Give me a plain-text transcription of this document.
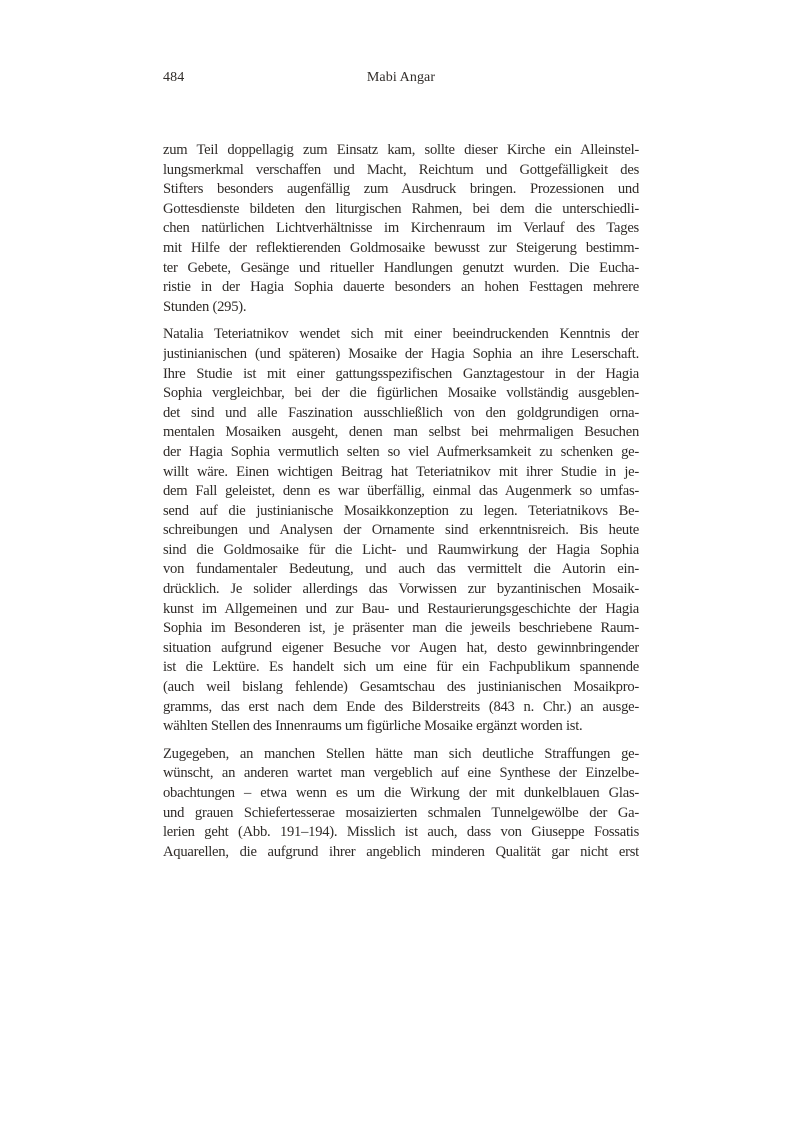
484	Mabi Angar

zum Teil doppellagig zum Einsatz kam, sollte dieser Kirche ein Alleinstel-
lungsmerkmal verschaffen und Macht, Reichtum und Gottgefälligkeit des
Stifters besonders augenfällig zum Ausdruck bringen. Prozessionen und
Gottesdienste bildeten den liturgischen Rahmen, bei dem die unterschiedli-
chen natürlichen Lichtverhältnisse im Kirchenraum im Verlauf des Tages
mit Hilfe der reflektierenden Goldmosaike bewusst zur Steigerung bestimm-
ter Gebete, Gesänge und ritueller Handlungen genutzt wurden. Die Eucha-
ristie in der Hagia Sophia dauerte besonders an hohen Festtagen mehrere
Stunden (295).

Natalia Teteriatnikov wendet sich mit einer beeindruckenden Kenntnis der
justinianischen (und späteren) Mosaike der Hagia Sophia an ihre Leserschaft.
Ihre Studie ist mit einer gattungsspezifischen Ganztagestour in der Hagia
Sophia vergleichbar, bei der die figürlichen Mosaike vollständig ausgeblen-
det sind und alle Faszination ausschließlich von den goldgrundigen orna-
mentalen Mosaiken ausgeht, denen man selbst bei mehrmaligen Besuchen
der Hagia Sophia vermutlich selten so viel Aufmerksamkeit zu schenken ge-
willt wäre. Einen wichtigen Beitrag hat Teteriatnikov mit ihrer Studie in je-
dem Fall geleistet, denn es war überfällig, einmal das Augenmerk so umfas-
send auf die justinianische Mosaikkonzeption zu legen. Teteriatnikovs Be-
schreibungen und Analysen der Ornamente sind erkenntnisreich. Bis heute
sind die Goldmosaike für die Licht- und Raumwirkung der Hagia Sophia
von fundamentaler Bedeutung, und auch das vermittelt die Autorin ein-
drücklich. Je solider allerdings das Vorwissen zur byzantinischen Mosaik-
kunst im Allgemeinen und zur Bau- und Restaurierungsgeschichte der Hagia
Sophia im Besonderen ist, je präsenter man die jeweils beschriebene Raum-
situation aufgrund eigener Besuche vor Augen hat, desto gewinnbringender
ist die Lektüre. Es handelt sich um eine für ein Fachpublikum spannende
(auch weil bislang fehlende) Gesamtschau des justinianischen Mosaikpro-
gramms, das erst nach dem Ende des Bilderstreits (843 n. Chr.) an ausge-
wählten Stellen des Innenraums um figürliche Mosaike ergänzt worden ist.

Zugegeben, an manchen Stellen hätte man sich deutliche Straffungen ge-
wünscht, an anderen wartet man vergeblich auf eine Synthese der Einzelbe-
obachtungen – etwa wenn es um die Wirkung der mit dunkelblauen Glas-
und grauen Schiefertesserae mosaizierten schmalen Tunnelgewölbe der Ga-
lerien geht (Abb. 191–194). Misslich ist auch, dass von Giuseppe Fossatis
Aquarellen, die aufgrund ihrer angeblich minderen Qualität gar nicht erst
